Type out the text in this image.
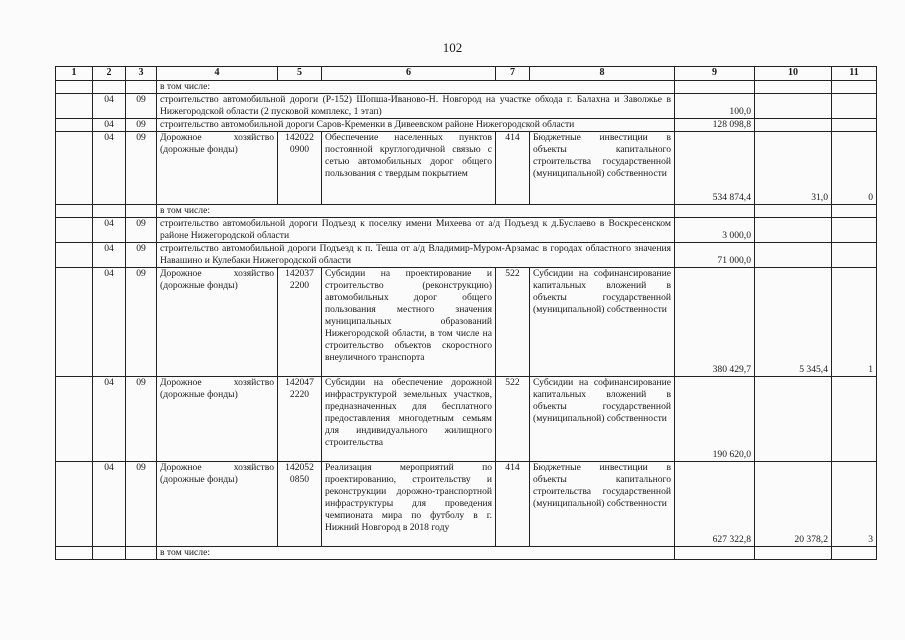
102
1	2	3	4	5	6	7	8	9	10	11
			в том числе:							
	04	09	строительство автомобильной дороги (Р-152) Шопша-Иваново-Н. Новгород на участке обхода г. Балахна и Заволжье в Нижегородской области (2 пусковой комплекс, 1 этап)					100,0		
	04	09	строительство автомобильной дороги Саров-Кременки в Дивеевском районе Нижегородской области					128 098,8		
	04	09	Дорожное хозяйство (дорожные фонды)	142022 0900	Обеспечение населенных пунктов постоянной круглогодичной связью с сетью автомобильных дорог общего пользования с твердым покрытием	414	Бюджетные инвестиции в объекты капитального строительства государственной (муниципальной) собственности	534 874,4	31,0	0
			в том числе:							
	04	09	строительство автомобильной дороги Подъезд к поселку имени Михеева от а/д Подъезд к д.Буслаево в Воскресенском районе Нижегородской области					3 000,0		
	04	09	строительство автомобильной дороги Подъезд к п. Теша от а/д Владимир-Муром-Арзамас в городах областного значения Навашино и Кулебаки Нижегородской области					71 000,0		
	04	09	Дорожное хозяйство (дорожные фонды)	142037 2200	Субсидии на проектирование и строительство (реконструкцию) автомобильных дорог общего пользования местного значения муниципальных образований Нижегородской области, в том числе на строительство объектов скоростного внеуличного транспорта	522	Субсидии на софинансирование капитальных вложений в объекты государственной (муниципальной) собственности	380 429,7	5 345,4	1
	04	09	Дорожное хозяйство (дорожные фонды)	142047 2220	Субсидии на обеспечение дорожной инфраструктурой земельных участков, предназначенных для бесплатного предоставления многодетным семьям для индивидуального жилищного строительства	522	Субсидии на софинансирование капитальных вложений в объекты государственной (муниципальной) собственности	190 620,0		
	04	09	Дорожное хозяйство (дорожные фонды)	142052 0850	Реализация мероприятий по проектированию, строительству и реконструкции дорожно-транспортной инфраструктуры для проведения чемпионата мира по футболу в г. Нижний Новгород в 2018 году	414	Бюджетные инвестиции в объекты капитального строительства государственной (муниципальной) собственности	627 322,8	20 378,2	3
			в том числе:							
